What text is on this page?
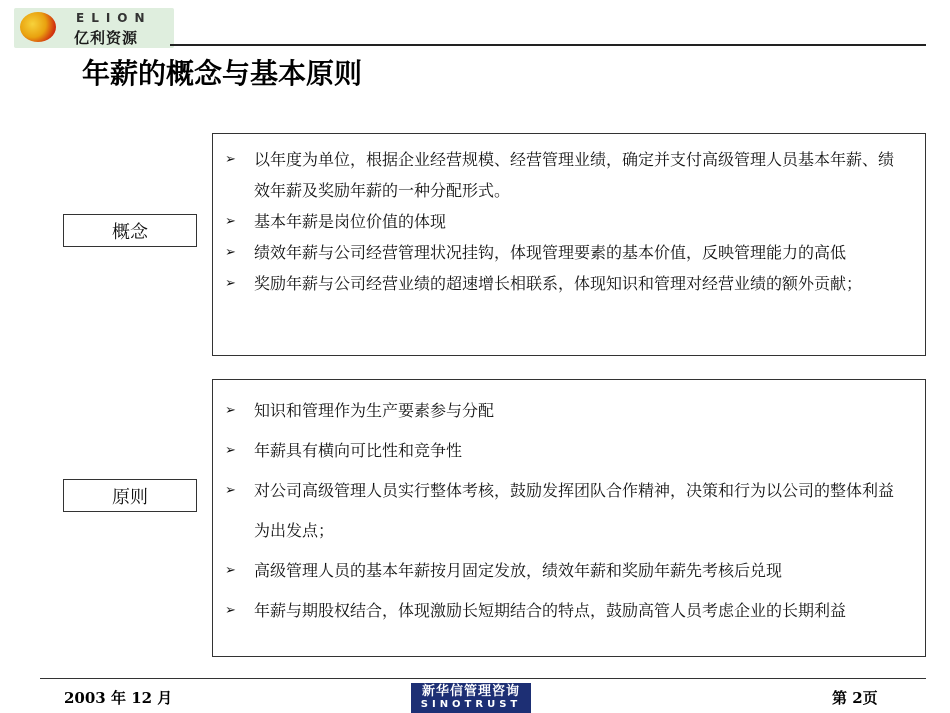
ELION
亿利资源
年薪的概念与基本原则
概念
➢ 以年度为单位，根据企业经营规模、经营管理业绩，确定并支付高级管理人员基本年薪、绩效年薪及奖励年薪的一种分配形式。
➢ 基本年薪是岗位价值的体现
➢ 绩效年薪与公司经营管理状况挂钩，体现管理要素的基本价值，反映管理能力的高低
➢ 奖励年薪与公司经营业绩的超速增长相联系，体现知识和管理对经营业绩的额外贡献；
原则
➢ 知识和管理作为生产要素参与分配
➢ 年薪具有横向可比性和竞争性
➢ 对公司高级管理人员实行整体考核，鼓励发挥团队合作精神，决策和行为以公司的整体利益为出发点；
➢ 高级管理人员的基本年薪按月固定发放，绩效年薪和奖励年薪先考核后兑现
➢ 年薪与期股权结合，体现激励长短期结合的特点，鼓励高管人员考虑企业的长期利益
2003 年 12 月	新华信管理咨询
SINOTRUST	第 2页
